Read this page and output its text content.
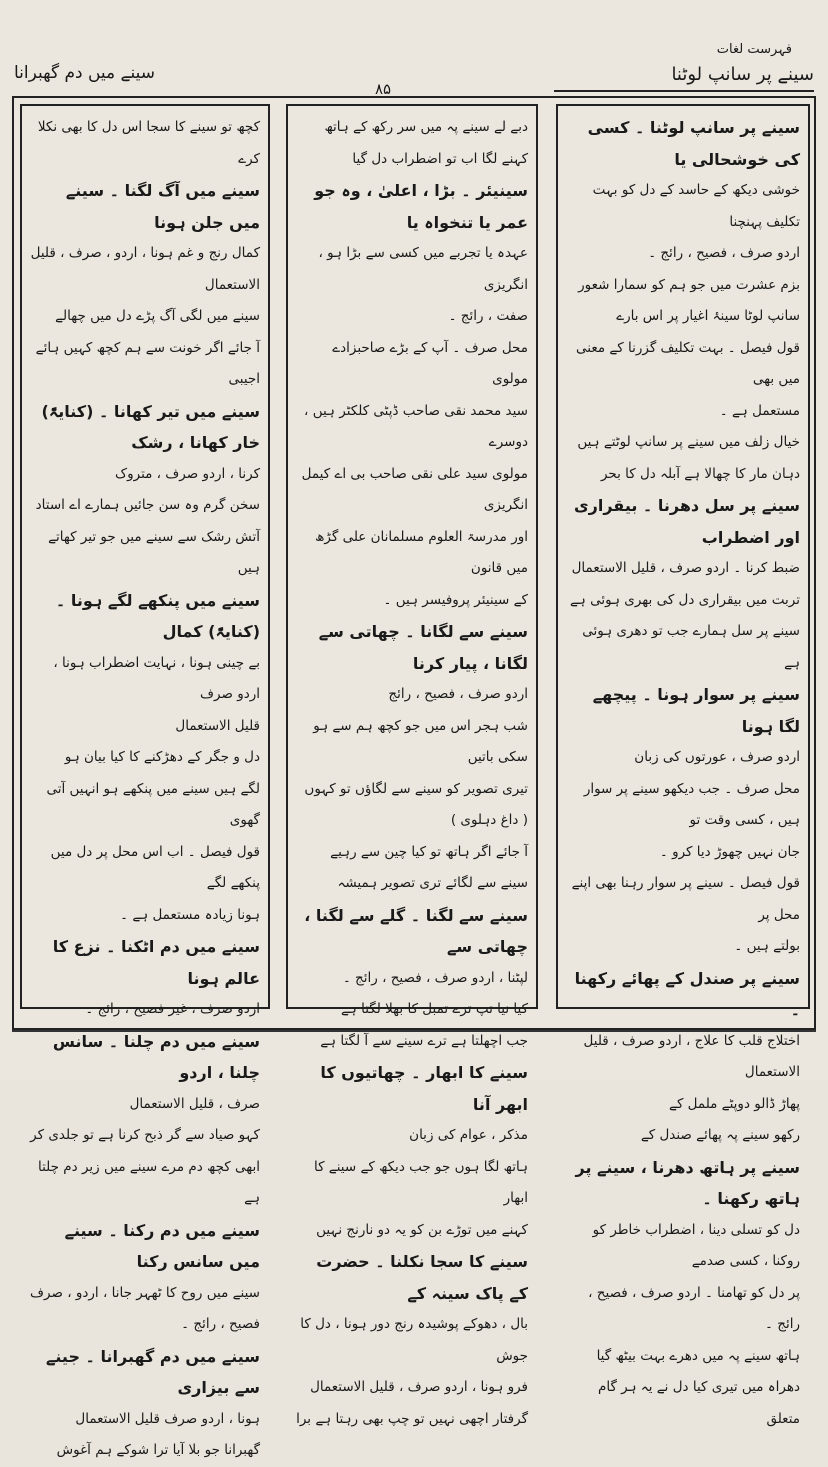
فہرست لغات
سینے پر سانپ لوٹنا
۸۵
سینے میں دم گھبرانا

کچھ تو سینے کا سجا اس دل کا بھی نکلا کرے

سینے میں آگ لگنا ۔ سینے میں جلن ہونا

کمال رنج و غم ہونا ، اردو ، صرف ، قلیل

الاستعمال

سینے میں لگی آگ پڑے دل میں چھالے

آ جائے اگر خونت سے ہم کچھ کہیں ہائے اجیبی

سینے میں تیر کھانا ۔ (کنایۃً) خار کھانا ، رشک

کرنا ، اردو صرف ، متروک

سخن گرم وہ سن جائیں ہمارے اے استاد

آتش رشک سے سینے میں جو تیر کھاتے ہیں

سینے میں پنکھے لگے ہونا ۔ (کنایۃً) کمال

بے چینی ہونا ، نہایت اضطراب ہونا ، اردو صرف

قلیل الاستعمال

دل و جگر کے دھڑکنے کا کیا بیان ہو

لگے ہیں سینے میں پنکھے ہو انہیں آتی گھوی

قول فیصل ۔ اب اس محل پر دل میں پنکھے لگے

ہونا زیادہ مستعمل ہے ۔

سینے میں دم اٹکنا ۔ نزع کا عالم ہونا

اردو صرف ، غیر فصیح ، رائج ۔

سینے میں دم چلنا ۔ سانس چلنا ، اردو

صرف ، قلیل الاستعمال

کہو صیاد سے گر ذبح کرنا ہے تو جلدی کر

ابھی کچھ دم مرے سینے میں زیر دم چلتا ہے

سینے میں دم رکنا ۔ سینے میں سانس رکنا

سینے میں روح کا ٹھہر جانا ، اردو ، صرف

فصیح ، رائج ۔

سینے میں دم گھبرانا ۔ جینے سے بیزاری

ہونا ، اردو صرف قلیل الاستعمال

گھبرانا جو بلا آیا ترا شوکے ہم آغوش

دبے لے سینے پہ میں سر رکھ کے ہاتھ

کہنے لگا اب تو اضطراب دل گیا

سینیئر ۔ بڑا ، اعلیٰ ، وہ جو عمر یا تنخواہ یا

عہدہ یا تجربے میں کسی سے بڑا ہو ، انگریزی

صفت ، رائج ۔

محل صرف ۔ آپ کے بڑے صاحبزادے مولوی

سید محمد نقی صاحب ڈپٹی کلکٹر ہیں ، دوسرے

مولوی سید علی نقی صاحب بی اے کیمل انگریزی

اور مدرسۃ العلوم مسلمانان علی گڑھ میں قانون

کے سینیئر پروفیسر ہیں ۔

سینے سے لگانا ۔ چھاتی سے لگانا ، پیار کرنا

اردو صرف ، فصیح ، رائج

شب ہجر اس میں جو کچھ ہم سے ہو سکی باتیں

تیری تصویر کو سینے سے لگاؤں تو کہوں

( داغ دہلوی )

آ جائے اگر ہاتھ تو کیا چین سے رہیے

سینے سے لگائے تری تصویر ہمیشہ

سینے سے لگنا ۔ گلے سے لگنا ، چھاتی سے

لپٹنا ، اردو صرف ، فصیح ، رائج ۔

کیا نیا تپ ترے تمبل کا بھلا لگتا ہے

جب اچھلتا ہے ترے سینے سے آ لگتا ہے

سینے کا ابھار ۔ چھاتیوں کا ابھر آنا

مذکر ، عوام کی زبان

ہاتھ لگا ہوں جو جب دیکھ کے سینے کا ابھار

کہنے میں توڑے بن کو یہ دو نارنج نہیں

سینے کا سجا نکلنا ۔ حضرت کے پاک سینہ کے

بال ، دھوکے پوشیدہ رنج دور ہونا ، دل کا جوش

فرو ہونا ، اردو صرف ، قلیل الاستعمال

گرفتار اچھی نہیں تو چپ بھی رہتا ہے برا

سینے پر سانپ لوٹنا ۔ کسی کی خوشحالی یا

خوشی دیکھ کے حاسد کے دل کو بہت تکلیف پہنچنا

اردو صرف ، فصیح ، رائج ۔

بزم عشرت میں جو ہم کو سمارا شعور

سانپ لوٹا سینۂ اغیار پر اس بارے

قول فیصل ۔ بہت تکلیف گزرنا کے معنی میں بھی

مستعمل ہے ۔

خیال زلف میں سینے پر سانپ لوٹتے ہیں

دہان مار کا چھالا ہے آبلہ دل کا بحر

سینے پر سل دھرنا ۔ بیقراری اور اضطراب

ضبط کرنا ۔ اردو صرف ، قلیل الاستعمال

تربت میں بیقراری دل کی بھری ہوئی ہے

سینے پر سل ہمارے جب تو دھری ہوئی ہے

سینے پر سوار ہونا ۔ پیچھے لگا ہونا

اردو صرف ، عورتوں کی زبان

محل صرف ۔ جب دیکھو سینے پر سوار ہیں ، کسی وقت تو

جان نہیں چھوڑ دیا کرو ۔

قول فیصل ۔ سینے پر سوار رہنا بھی اپنے محل پر

بولتے ہیں ۔

سینے پر صندل کے پھائے رکھنا ۔

اختلاج قلب کا علاج ، اردو صرف ، قلیل

الاستعمال

پھاڑ ڈالو دوپٹے ململ کے

رکھو سینے پہ پھائے صندل کے

سینے پر ہاتھ دھرنا ، سینے پر ہاتھ رکھنا ۔

دل کو تسلی دینا ، اضطراب خاطر کو روکنا ، کسی صدمے

پر دل کو تھامنا ۔ اردو صرف ، فصیح ، رائج ۔

ہاتھ سینے پہ میں دھرے بہت بیٹھ گیا

دھراہ میں تیری کیا دل نے یہ ہر گام متعلق
